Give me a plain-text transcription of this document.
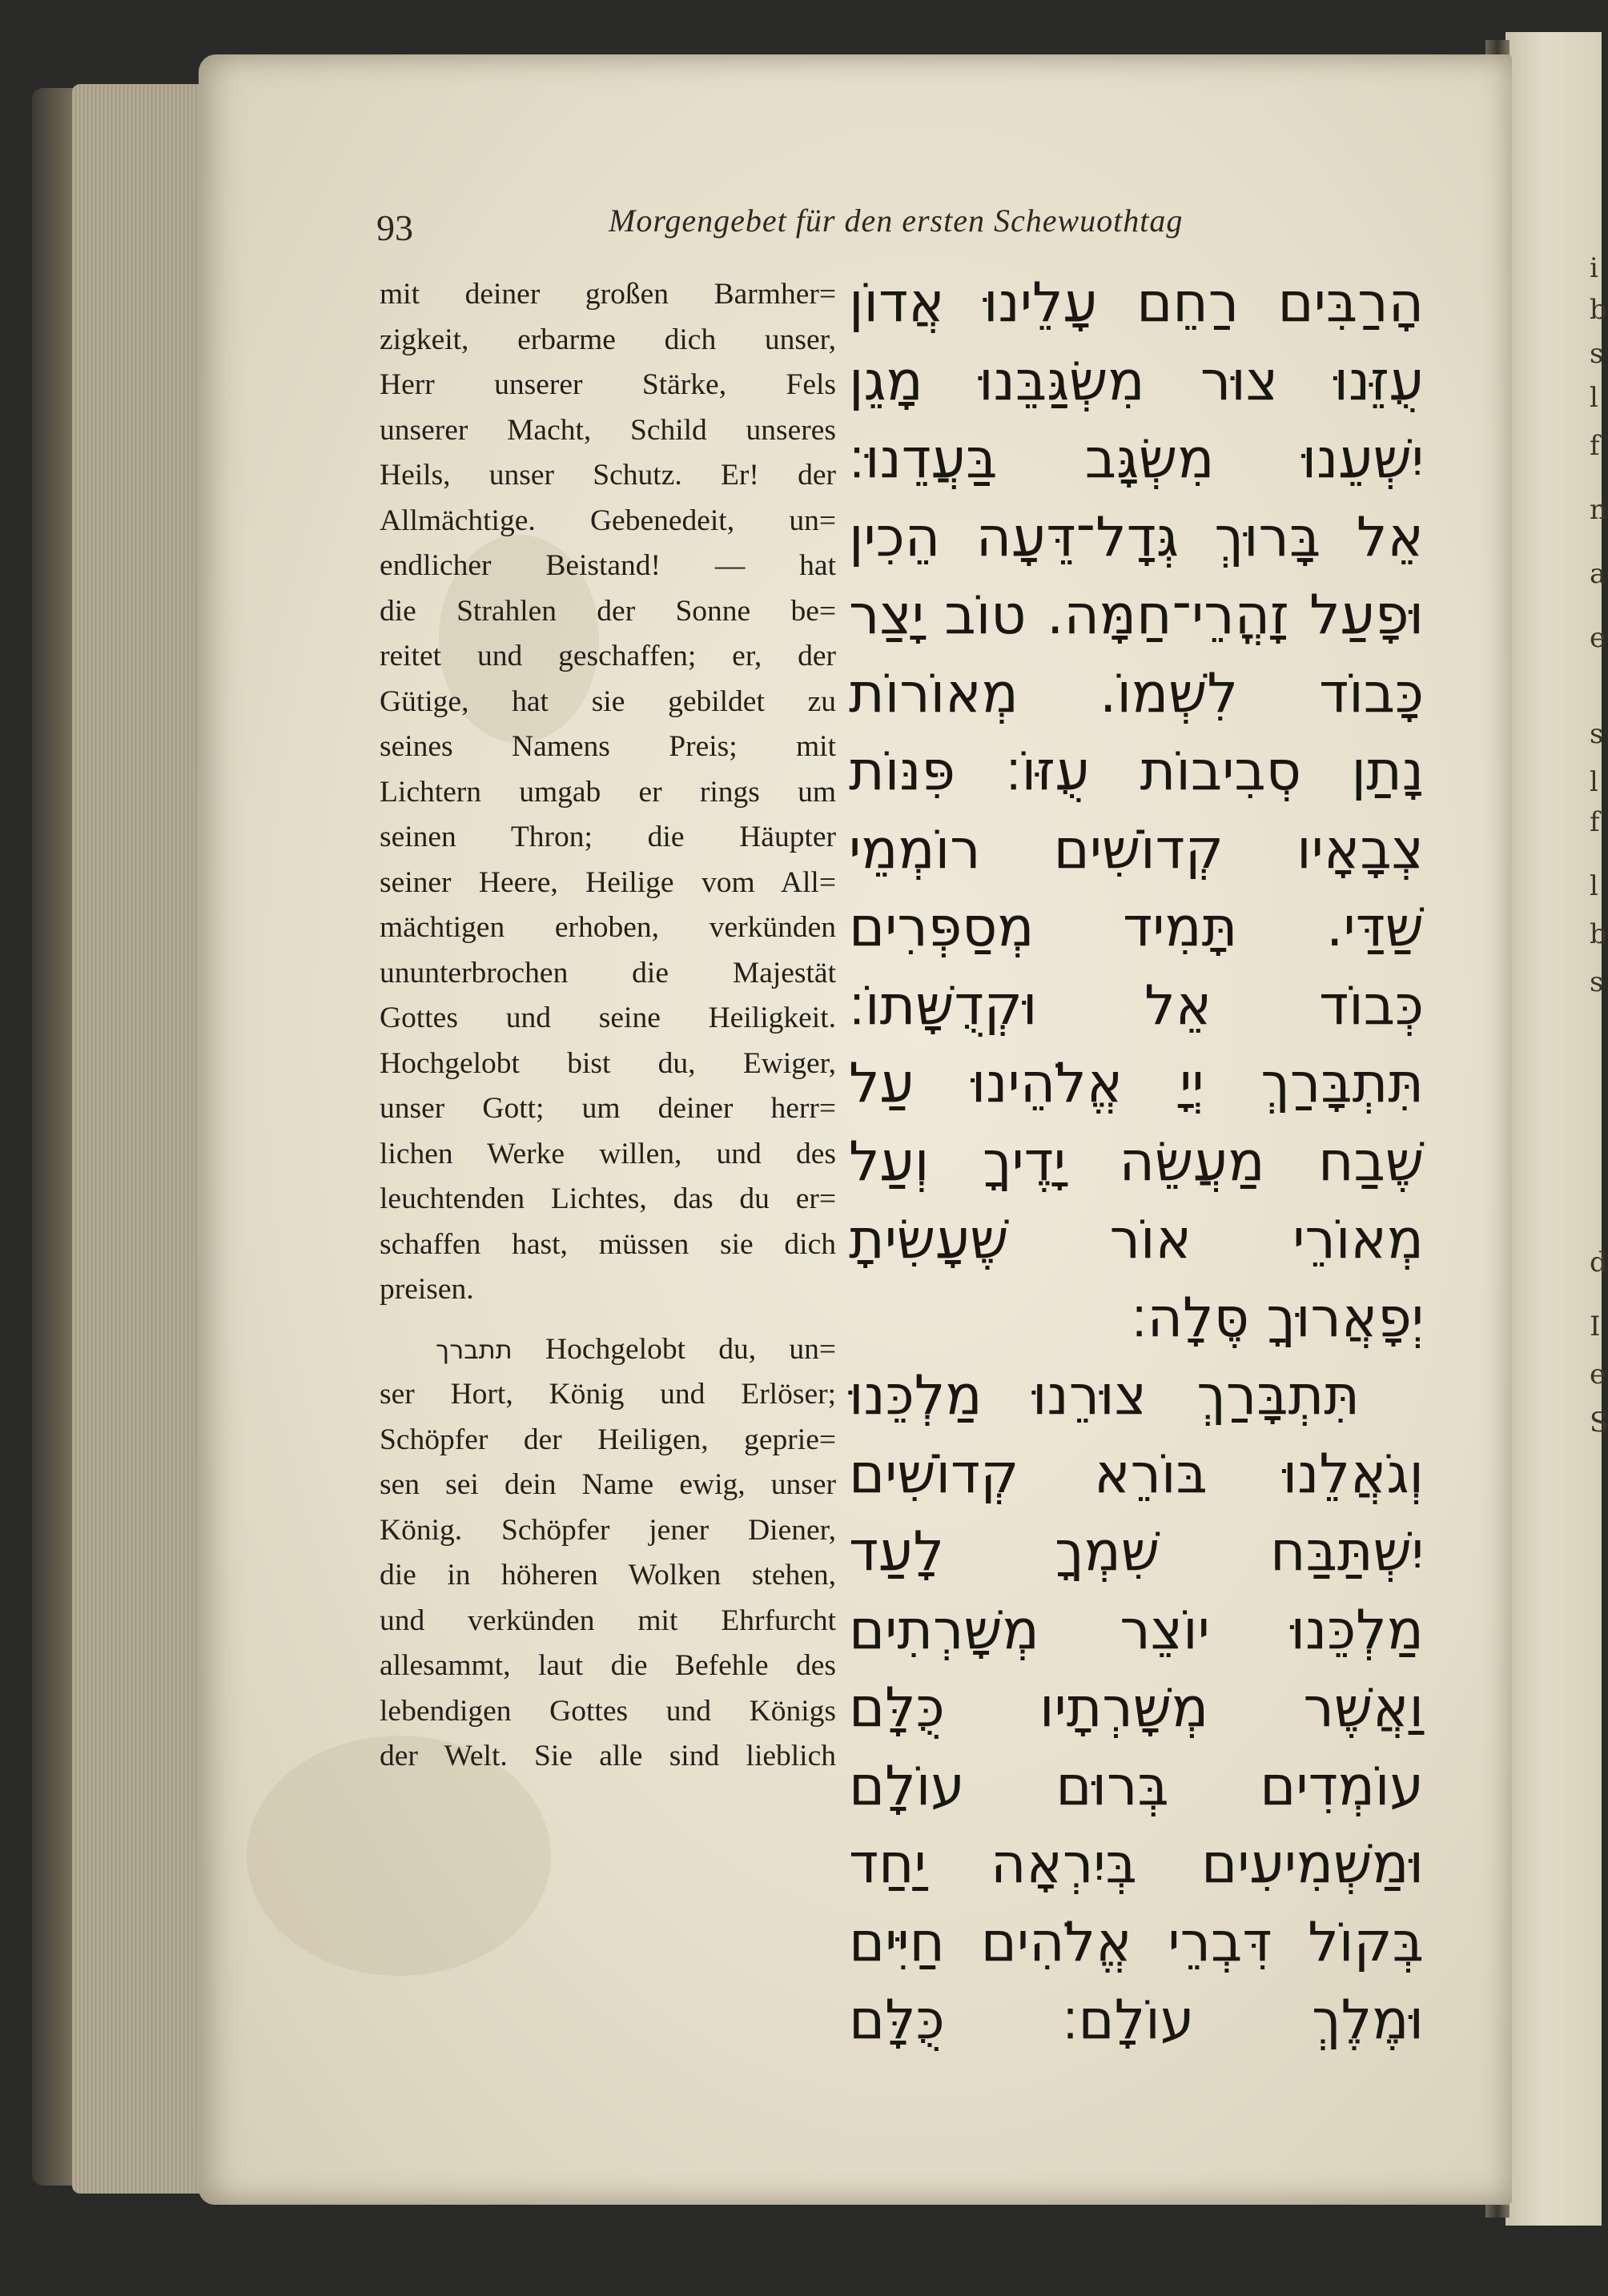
93	Morgengebet für den ersten Schewuothtag
mit deiner großen Barmher=
zigkeit, erbarme dich unser,
Herr unserer Stärke, Fels
unserer Macht, Schild unseres
Heils, unser Schutz. Er! der
Allmächtige. Gebenedeit, un=
endlicher Beistand! — hat
die Strahlen der Sonne be=
reitet und geschaffen; er, der
Gütige, hat sie gebildet zu
seines Namens Preis; mit
Lichtern umgab er rings um
seinen Thron; die Häupter
seiner Heere, Heilige vom All=
mächtigen erhoben, verkünden
ununterbrochen die Majestät
Gottes und seine Heiligkeit.
Hochgelobt bist du, Ewiger,
unser Gott; um deiner herr=
lichen Werke willen, und des
leuchtenden Lichtes, das du er=
schaffen hast, müssen sie dich
preisen.
תתברך Hochgelobt du, un=
ser Hort, König und Erlöser;
Schöpfer der Heiligen, geprie=
sen sei dein Name ewig, unser
König. Schöpfer jener Diener,
die in höheren Wolken stehen,
und verkünden mit Ehrfurcht
allesammt, laut die Befehle des
lebendigen Gottes und Königs
der Welt. Sie alle sind lieblich
הָרַבִּים רַחֵם עָלֵינוּ אֲדוֹן
עֻזֵּנוּ צוּר מִשְׂגַּבֵּנוּ מָגֵן
יִשְׁעֵנוּ מִשְׂגָּב בַּעֲדֵנוּ׃
אֵל בָּרוּךְ גְּדָל־דֵּעָה הֵכִין
וּפָעַל זָהֳרֵי־חַמָּה. טוֹב יָצַר
כָּבוֹד לִשְׁמוֹ. מְאוֹרוֹת
נָתַן סְבִיבוֹת עֻזּוֹ׃ פִּנּוֹת
צְבָאָיו קְדוֹשִׁים רוֹמְמֵי
שַׁדַּי. תָּמִיד מְסַפְּרִים
כְּבוֹד אֵל וּקְדֻשָּׁתוֹ׃
תִּתְבָּרַךְ יְיָ אֱלֹהֵינוּ עַל
שֶׁבַח מַעֲשֵׂה יָדֶיךָ וְעַל
מְאוֹרֵי אוֹר שֶׁעָשִׂיתָ
יְפָאֲרוּךָ סֶּלָה׃
תִּתְבָּרַךְ צוּרֵנוּ מַלְכֵּנוּ
וְגֹאֲלֵנוּ בּוֹרֵא קְדוֹשִׁים
יִשְׁתַּבַּח שִׁמְךָ לָעַד
מַלְכֵּנוּ יוֹצֵר מְשָׁרְתִים
וַאֲשֶׁר מְשָׁרְתָיו כֻּלָּם
עוֹמְדִים בְּרוּם עוֹלָם
וּמַשְׁמִיעִים בְּיִרְאָה יַחַד
בְּקוֹל דִּבְרֵי אֱלֹהִים חַיִּים
וּמֶלֶךְ עוֹלָם׃ כֻּלָּם
i
b
s
l
f
n
a
e
s
l
f
l
b
s
d
I
e
S
